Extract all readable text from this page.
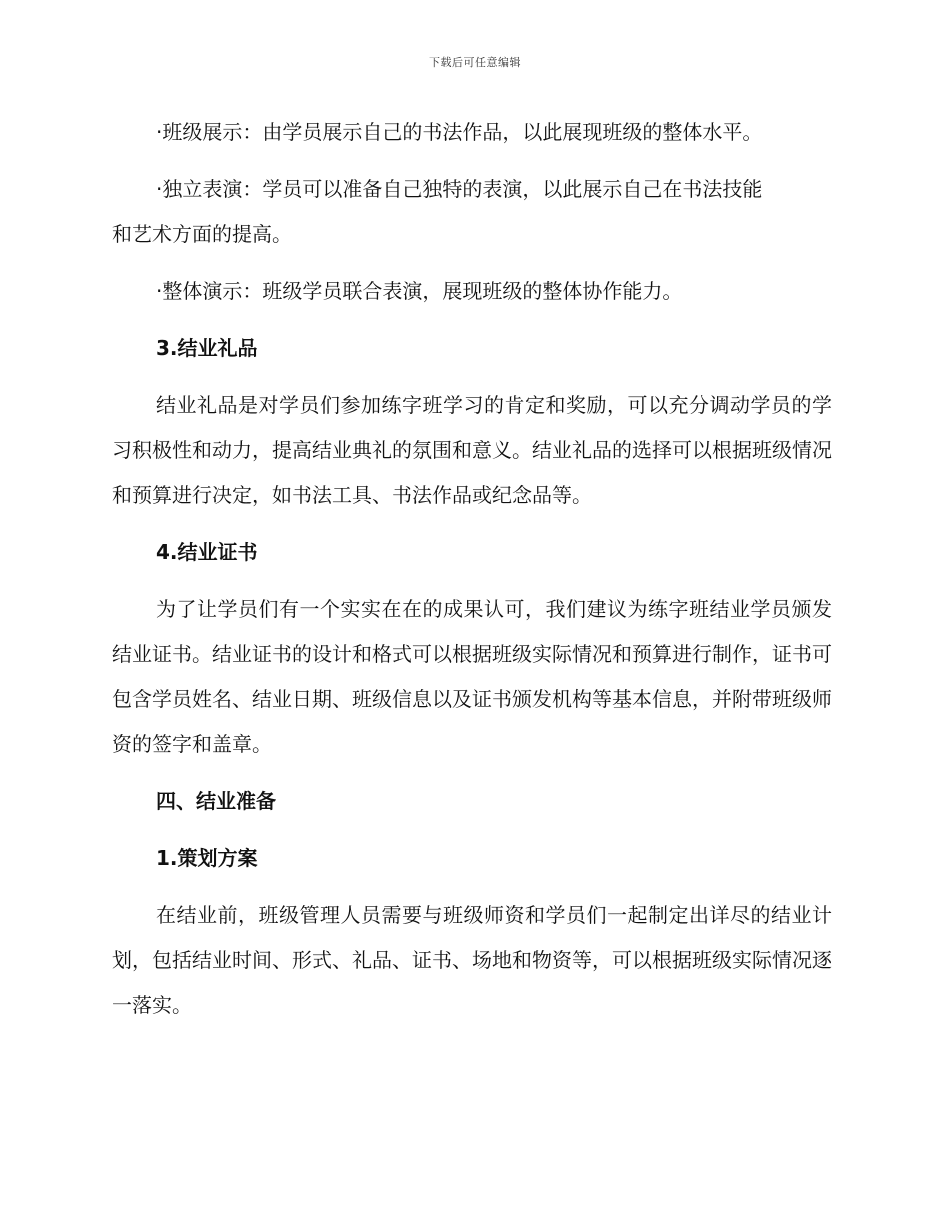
下载后可任意编辑

·班级展示：由学员展示自己的书法作品，以此展现班级的整体水平。

·独立表演：学员可以准备自己独特的表演，以此展示自己在书法技能
和艺术方面的提高。

·整体演示：班级学员联合表演，展现班级的整体协作能力。

3.结业礼品

结业礼品是对学员们参加练字班学习的肯定和奖励，可以充分调动学员的学习积极性和动力，提高结业典礼的氛围和意义。结业礼品的选择可以根据班级情况和预算进行决定，如书法工具、书法作品或纪念品等。

4.结业证书

为了让学员们有一个实实在在的成果认可，我们建议为练字班结业学员颁发结业证书。结业证书的设计和格式可以根据班级实际情况和预算进行制作，证书可包含学员姓名、结业日期、班级信息以及证书颁发机构等基本信息，并附带班级师资的签字和盖章。

四、结业准备

1.策划方案

在结业前，班级管理人员需要与班级师资和学员们一起制定出详尽的结业计划，包括结业时间、形式、礼品、证书、场地和物资等，可以根据班级实际情况逐一落实。
